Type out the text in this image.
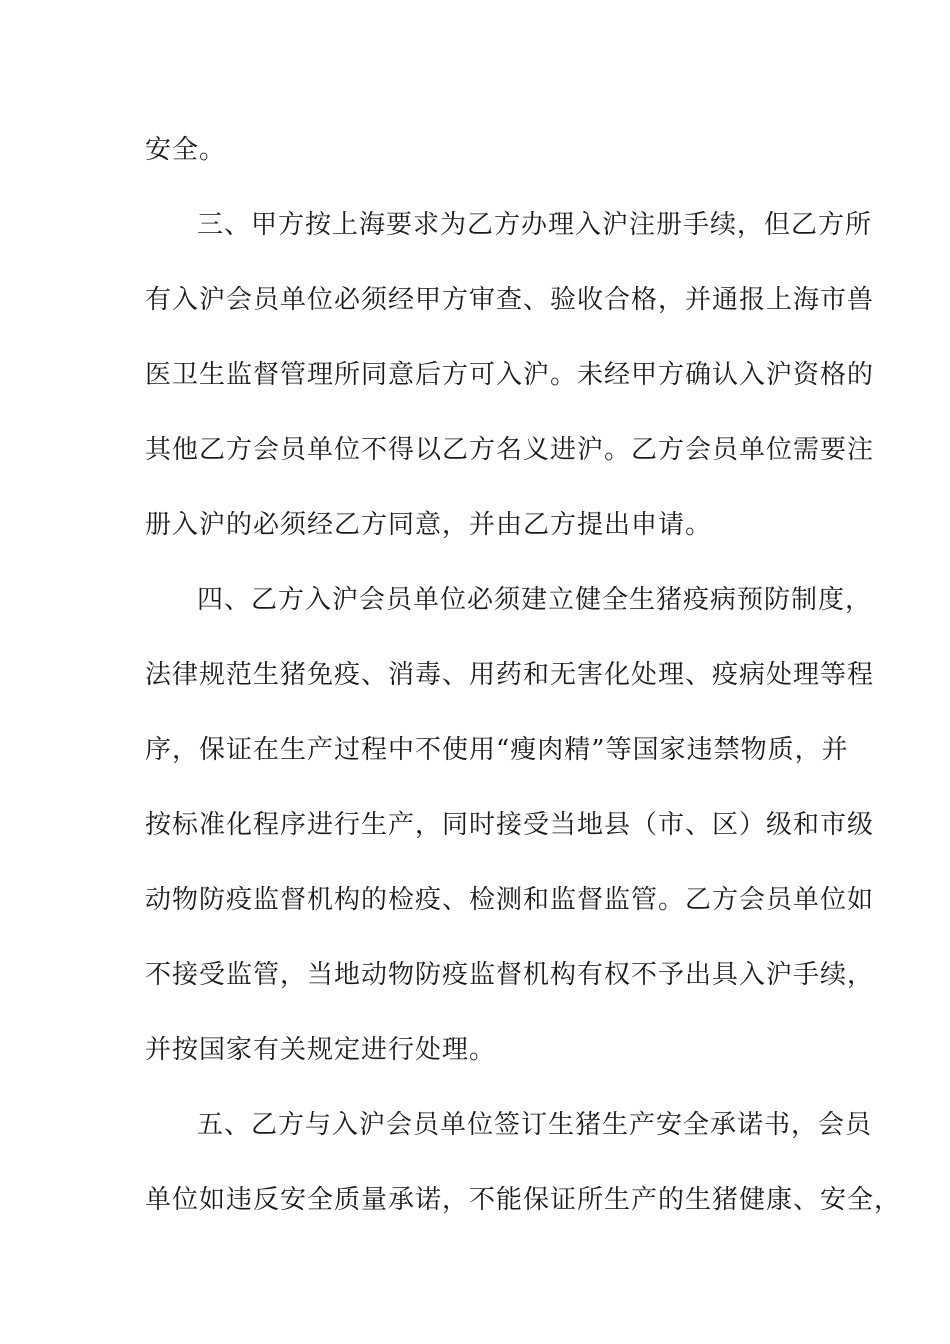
安全。
三、甲方按上海要求为乙方办理入沪注册手续，但乙方所
有入沪会员单位必须经甲方审查、验收合格，并通报上海市兽
医卫生监督管理所同意后方可入沪。未经甲方确认入沪资格的
其他乙方会员单位不得以乙方名义进沪。乙方会员单位需要注
册入沪的必须经乙方同意，并由乙方提出申请。
四、乙方入沪会员单位必须建立健全生猪疫病预防制度，
法律规范生猪免疫、消毒、用药和无害化处理、疫病处理等程
序，保证在生产过程中不使用“瘦肉精”等国家违禁物质，并
按标准化程序进行生产，同时接受当地县（市、区）级和市级
动物防疫监督机构的检疫、检测和监督监管。乙方会员单位如
不接受监管，当地动物防疫监督机构有权不予出具入沪手续，
并按国家有关规定进行处理。
五、乙方与入沪会员单位签订生猪生产安全承诺书，会员
单位如违反安全质量承诺，不能保证所生产的生猪健康、安全，
